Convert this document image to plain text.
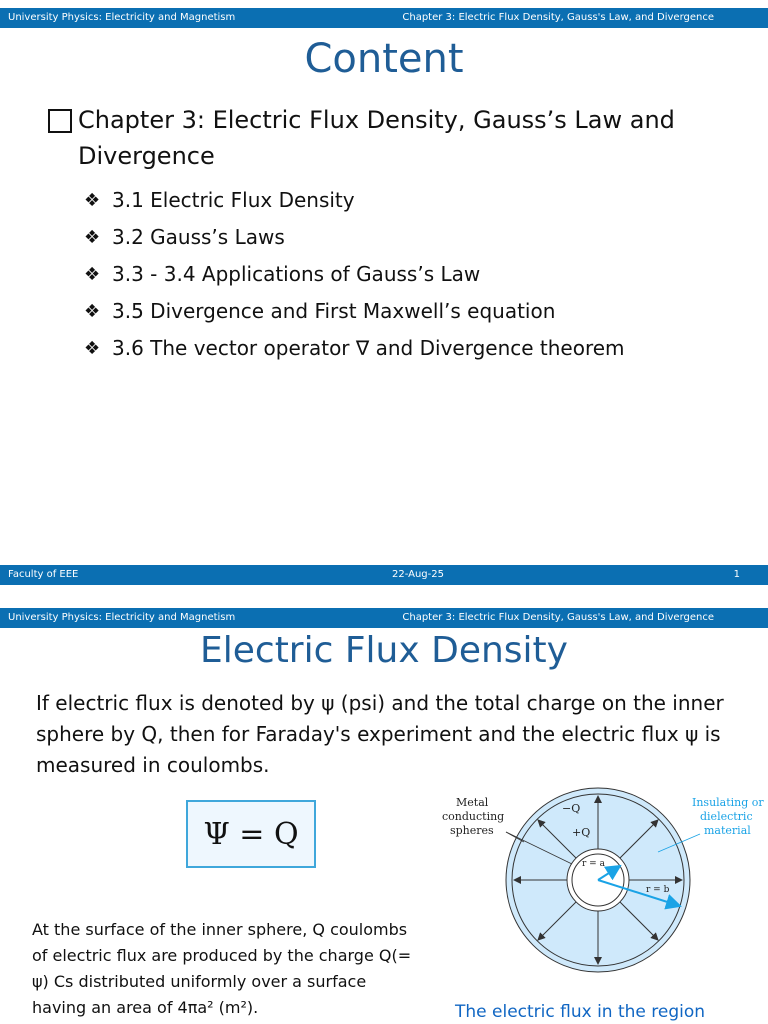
University Physics: Electricity and Magnetism	Chapter 3: Electric Flux Density, Gauss's Law, and Divergence
Content
Chapter 3: Electric Flux Density, Gauss’s Law and Divergence
❖ 3.1 Electric Flux Density
❖ 3.2 Gauss’s Laws
❖ 3.3 - 3.4 Applications of Gauss’s Law
❖ 3.5 Divergence and First Maxwell’s equation
❖ 3.6 The vector operator ∇ and Divergence theorem
Faculty of EEE	22-Aug-25	1
University Physics: Electricity and Magnetism	Chapter 3: Electric Flux Density, Gauss's Law, and Divergence
Electric Flux Density
If electric flux is denoted by ψ (psi) and the total charge on the inner sphere by Q, then for Faraday's experiment and the electric flux ψ is measured in coulombs.
Ψ = Q
At the surface of the inner sphere, Q coulombs of electric flux are produced by the charge Q(= ψ) Cs distributed uniformly over a surface having an area of 4πa² (m²).
Metal
conducting
spheres
Insulating or
dielectric
material
−Q
+Q
r = a
r = b
The electric flux in the region
